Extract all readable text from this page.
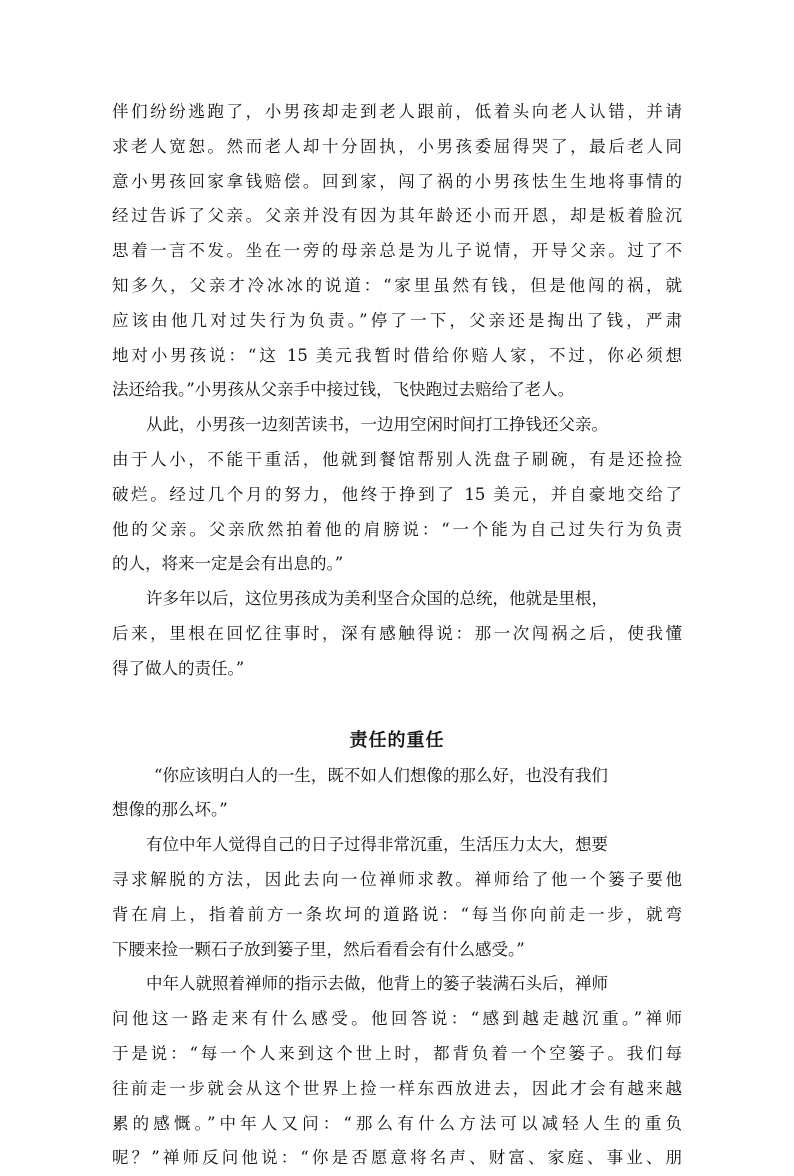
伴们纷纷逃跑了，小男孩却走到老人跟前，低着头向老人认错，并请
求老人宽恕。然而老人却十分固执，小男孩委屈得哭了，最后老人同
意小男孩回家拿钱赔偿。回到家，闯了祸的小男孩怯生生地将事情的
经过告诉了父亲。父亲并没有因为其年龄还小而开恩，却是板着脸沉
思着一言不发。坐在一旁的母亲总是为儿子说情，开导父亲。过了不
知多久，父亲才冷冰冰的说道：“家里虽然有钱，但是他闯的祸，就
应该由他几对过失行为负责。”停了一下，父亲还是掏出了钱，严肃
地对小男孩说：“这 15 美元我暂时借给你赔人家，不过，你必须想
法还给我。”小男孩从父亲手中接过钱，飞快跑过去赔给了老人。
从此，小男孩一边刻苦读书，一边用空闲时间打工挣钱还父亲。
由于人小，不能干重活，他就到餐馆帮别人洗盘子刷碗，有是还捡捡
破烂。经过几个月的努力，他终于挣到了 15 美元，并自豪地交给了
他的父亲。父亲欣然拍着他的肩膀说：“一个能为自己过失行为负责
的人，将来一定是会有出息的。”
许多年以后，这位男孩成为美利坚合众国的总统，他就是里根，
后来，里根在回忆往事时，深有感触得说：那一次闯祸之后，使我懂
得了做人的责任。”
责任的重任
“你应该明白人的一生，既不如人们想像的那么好，也没有我们
想像的那么坏。”
有位中年人觉得自己的日子过得非常沉重，生活压力太大，想要
寻求解脱的方法，因此去向一位禅师求教。禅师给了他一个篓子要他
背在肩上，指着前方一条坎坷的道路说：“每当你向前走一步，就弯
下腰来捡一颗石子放到篓子里，然后看看会有什么感受。”
中年人就照着禅师的指示去做，他背上的篓子装满石头后，禅师
问他这一路走来有什么感受。他回答说：“感到越走越沉重。”禅师
于是说：“每一个人来到这个世上时，都背负着一个空篓子。我们每
往前走一步就会从这个世界上捡一样东西放进去，因此才会有越来越
累的感慨。”中年人又问：“那么有什么方法可以减轻人生的重负
呢？”禅师反问他说：“你是否愿意将名声、财富、家庭、事业、朋
